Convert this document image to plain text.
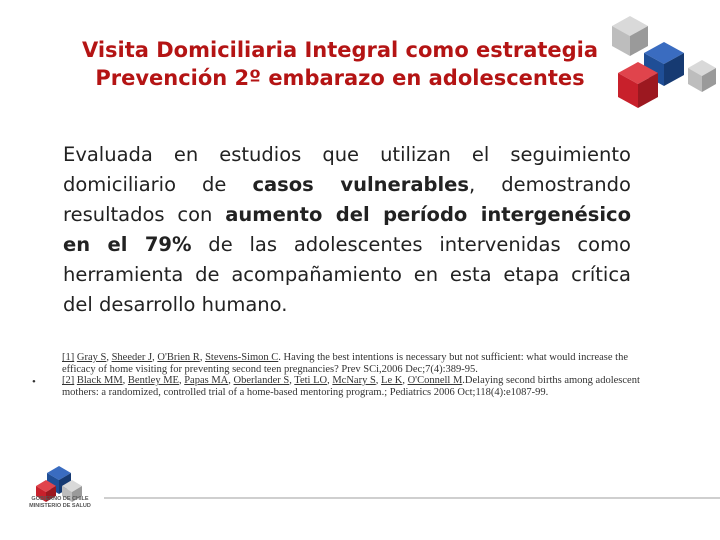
Visita Domiciliaria Integral como estrategia
Prevención 2º embarazo en adolescentes
Evaluada en estudios que utilizan el seguimiento domiciliario de casos vulnerables, demostrando resultados con aumento del período intergenésico en el 79% de las adolescentes intervenidas como herramienta de acompañamiento en esta etapa crítica del desarrollo humano.
•
[1] Gray S, Sheeder J, O'Brien R, Stevens-Simon C. Having the best intentions is necessary but not sufficient: what would increase the efficacy of home visiting for preventing second teen pregnancies? Prev SCi,2006 Dec;7(4):389-95.
[2] Black MM, Bentley ME, Papas MA, Oberlander S, Teti LO, McNary S, Le K, O'Connell M.Delaying second births among adolescent mothers: a randomized, controlled trial of a home-based mentoring program.; Pediatrics 2006 Oct;118(4):e1087-99.
GOBIERNO DE CHILE
MINISTERIO DE SALUD
